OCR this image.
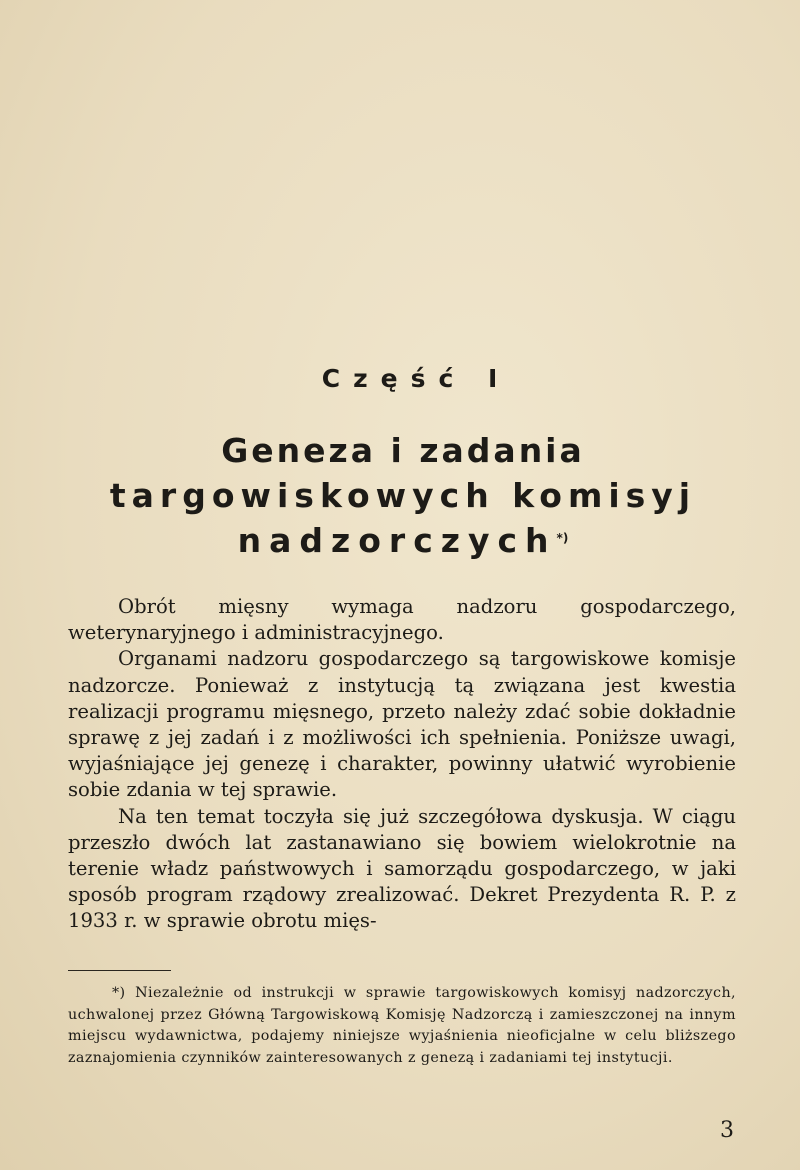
Część I
Geneza i zadania
targowiskowych komisyj
nadzorczych*)

Obrót mięsny wymaga nadzoru gospodarczego, weterynaryjnego i administracyjnego.

Organami nadzoru gospodarczego są targowiskowe komisje nadzorcze. Ponieważ z instytucją tą związana jest kwestia realizacji programu mięsnego, przeto należy zdać sobie dokładnie sprawę z jej zadań i z możliwości ich spełnienia. Poniższe uwagi, wyjaśniające jej genezę i charakter, powinny ułatwić wyrobienie sobie zdania w tej sprawie.

Na ten temat toczyła się już szczegółowa dyskusja. W ciągu przeszło dwóch lat zastanawiano się bowiem wielokrotnie na terenie władz państwowych i samorządu gospodarczego, w jaki sposób program rządowy zrealizować. Dekret Prezydenta R. P. z 1933 r. w sprawie obrotu mięs-

*) Niezależnie od instrukcji w sprawie targowiskowych komisyj nadzorczych, uchwalonej przez Główną Targowiskową Komisję Nadzorczą i zamieszczonej na innym miejscu wydawnictwa, podajemy niniejsze wyjaśnienia nieoficjalne w celu bliższego zaznajomienia czynników zainteresowanych z genezą i zadaniami tej instytucji.

3
